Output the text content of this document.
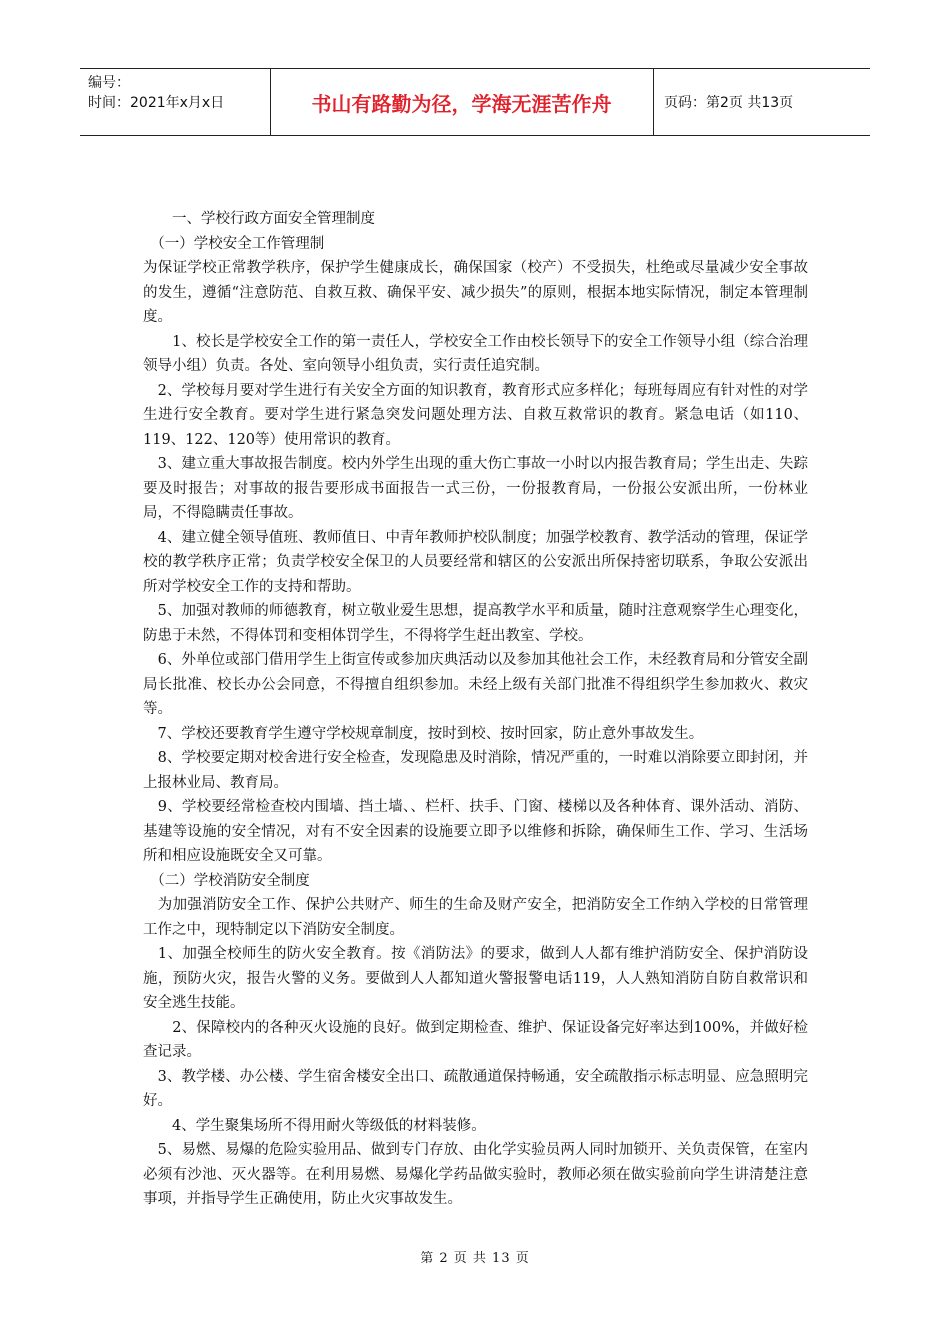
编号：
时间：2021年x月x日	书山有路勤为径，学海无涯苦作舟	页码：第2页 共13页

　　一、学校行政方面安全管理制度

　（一）学校安全工作管理制

为保证学校正常教学秩序，保护学生健康成长，确保国家（校产）不受损失，杜绝或尽量减少安全事故的发生，遵循“注意防范、自救互救、确保平安、减少损失”的原则，根据本地实际情况，制定本管理制度。

　　1、校长是学校安全工作的第一责任人，学校安全工作由校长领导下的安全工作领导小组（综合治理领导小组）负责。各处、室向领导小组负责，实行责任追究制。

　2、学校每月要对学生进行有关安全方面的知识教育，教育形式应多样化；每班每周应有针对性的对学生进行安全教育。要对学生进行紧急突发问题处理方法、自救互救常识的教育。紧急电话（如110、119、122、120等）使用常识的教育。

　3、建立重大事故报告制度。校内外学生出现的重大伤亡事故一小时以内报告教育局；学生出走、失踪要及时报告；对事故的报告要形成书面报告一式三份，一份报教育局，一份报公安派出所，一份林业局，不得隐瞒责任事故。

　4、建立健全领导值班、教师值日、中青年教师护校队制度；加强学校教育、教学活动的管理，保证学校的教学秩序正常；负责学校安全保卫的人员要经常和辖区的公安派出所保持密切联系，争取公安派出所对学校安全工作的支持和帮助。

　5、加强对教师的师德教育，树立敬业爱生思想，提高教学水平和质量，随时注意观察学生心理变化，防患于未然，不得体罚和变相体罚学生，不得将学生赶出教室、学校。

　6、外单位或部门借用学生上街宣传或参加庆典活动以及参加其他社会工作，未经教育局和分管安全副局长批准、校长办公会同意，不得擅自组织参加。未经上级有关部门批准不得组织学生参加救火、救灾等。

　7、学校还要教育学生遵守学校规章制度，按时到校、按时回家，防止意外事故发生。

　8、学校要定期对校舍进行安全检查，发现隐患及时消除，情况严重的，一时难以消除要立即封闭，并上报林业局、教育局。

　9、学校要经常检查校内围墙、挡土墙、、栏杆、扶手、门窗、楼梯以及各种体育、课外活动、消防、基建等设施的安全情况，对有不安全因素的设施要立即予以维修和拆除，确保师生工作、学习、生活场所和相应设施既安全又可靠。

　（二）学校消防安全制度

　为加强消防安全工作、保护公共财产、师生的生命及财产安全，把消防安全工作纳入学校的日常管理工作之中，现特制定以下消防安全制度。

　1、加强全校师生的防火安全教育。按《消防法》的要求，做到人人都有维护消防安全、保护消防设施，预防火灾，报告火警的义务。要做到人人都知道火警报警电话119，人人熟知消防自防自救常识和安全逃生技能。

　　2、保障校内的各种灭火设施的良好。做到定期检查、维护、保证设备完好率达到100%，并做好检查记录。

　3、教学楼、办公楼、学生宿舍楼安全出口、疏散通道保持畅通，安全疏散指示标志明显、应急照明完好。

　　4、学生聚集场所不得用耐火等级低的材料装修。

　5、易燃、易爆的危险实验用品、做到专门存放、由化学实验员两人同时加锁开、关负责保管，在室内必须有沙池、灭火器等。在利用易燃、易爆化学药品做实验时，教师必须在做实验前向学生讲清楚注意事项，并指导学生正确使用，防止火灾事故发生。

第 2 页 共 13 页
